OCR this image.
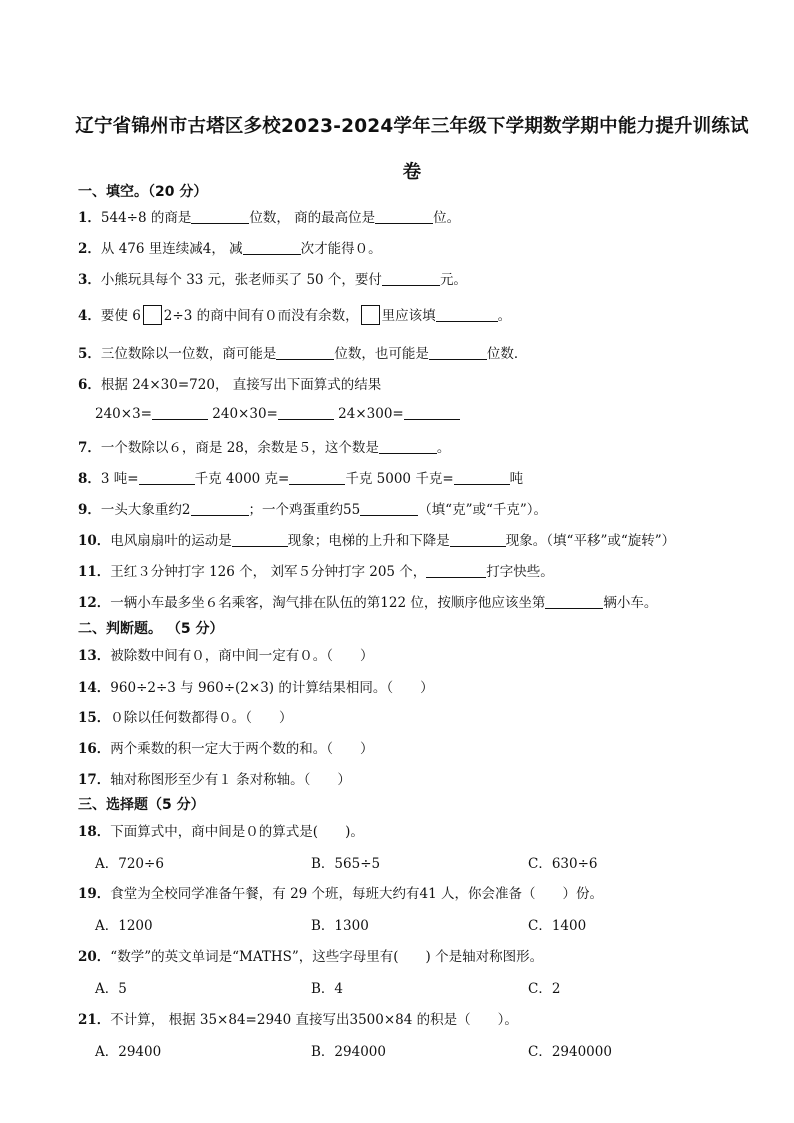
辽宁省锦州市古塔区多校2023-2024学年三年级下学期数学期中能力提升训练试
卷
一、填空。（20 分）
1．544÷8 的商是	位数， 商的最高位是	位。
2．从 476 里连续减4， 减	次才能得０。
3．小熊玩具每个 33 元，张老师买了 50 个，要付	元。
4．要使 6 2÷3 的商中间有０而没有余数， 里应该填	。
5．三位数除以一位数，商可能是	位数，也可能是	位数．
6．根据 24×30=720， 直接写出下面算式的结果
240×3=	240×30=	24×300=
7．一个数除以６，商是 28，余数是５，这个数是	。
8．3 吨=	千克 4000 克=	千克 5000 千克=	吨
9．一头大象重约2	；一个鸡蛋重约55	（填“克”或“千克”）。
10．电风扇扇叶的运动是	现象；电梯的上升和下降是	现象。（填“平移”或“旋转”）
11．王红３分钟打字 126 个， 刘军５分钟打字 205 个，	打字快些。
12．一辆小车最多坐６名乘客，淘气排在队伍的第122 位，按顺序他应该坐第	辆小车。
二、判断题。 （5 分）
13．被除数中间有０，商中间一定有０。（　　）
14．960÷2÷3 与 960÷(2×3) 的计算结果相同。（　　）
15．０除以任何数都得０。（　　）
16．两个乘数的积一定大于两个数的和。（　　）
17．轴对称图形至少有１ 条对称轴。（　　）
三、选择题（5 分）
18．下面算式中，商中间是０的算式是(　　)。
A．720÷6	B．565÷5	C．630÷6
19．食堂为全校同学准备午餐，有 29 个班，每班大约有41 人，你会准备（　　）份。
A．1200	B．1300	C．1400
20．“数学”的英文单词是“MATHS”，这些字母里有(　　) 个是轴对称图形。
A．5	B．4	C．2
21．不计算， 根据 35×84=2940 直接写出3500×84 的积是（　　）。
A．29400	B．294000	C．2940000
